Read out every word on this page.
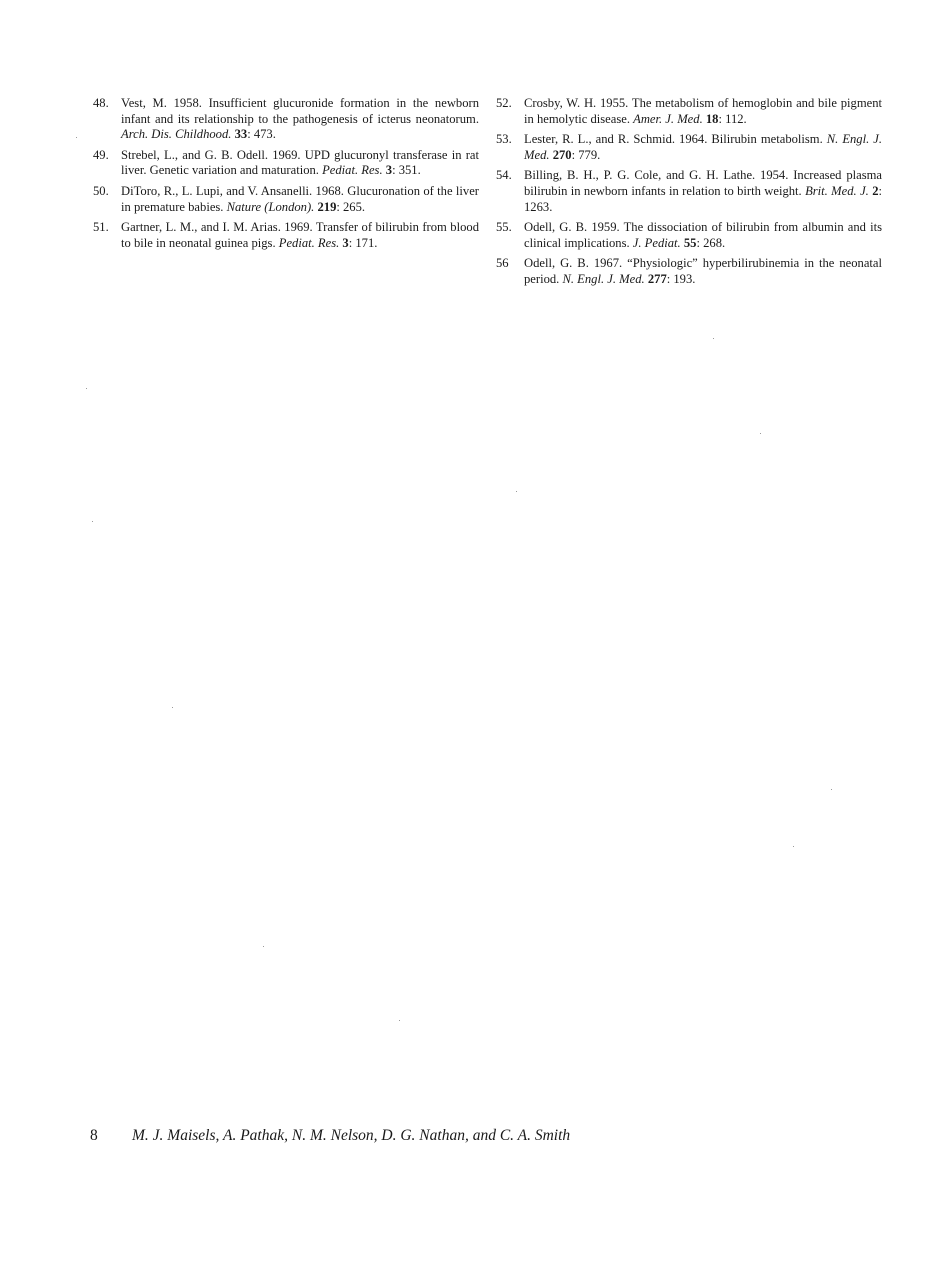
48. Vest, M. 1958. Insufficient glucuronide formation in the newborn infant and its relationship to the pathogenesis of icterus neonatorum. Arch. Dis. Childhood. 33: 473.
49. Strebel, L., and G. B. Odell. 1969. UPD glucuronyl transferase in rat liver. Genetic variation and maturation. Pediat. Res. 3: 351.
50. DiToro, R., L. Lupi, and V. Ansanelli. 1968. Glucuronation of the liver in premature babies. Nature (London). 219: 265.
51. Gartner, L. M., and I. M. Arias. 1969. Transfer of bilirubin from blood to bile in neonatal guinea pigs. Pediat. Res. 3: 171.
52. Crosby, W. H. 1955. The metabolism of hemoglobin and bile pigment in hemolytic disease. Amer. J. Med. 18: 112.
53. Lester, R. L., and R. Schmid. 1964. Bilirubin metabolism. N. Engl. J. Med. 270: 779.
54. Billing, B. H., P. G. Cole, and G. H. Lathe. 1954. Increased plasma bilirubin in newborn infants in relation to birth weight. Brit. Med. J. 2: 1263.
55. Odell, G. B. 1959. The dissociation of bilirubin from albumin and its clinical implications. J. Pediat. 55: 268.
56 Odell, G. B. 1967. “Physiologic” hyperbilirubinemia in the neonatal period. N. Engl. J. Med. 277: 193.
8 M. J. Maisels, A. Pathak, N. M. Nelson, D. G. Nathan, and C. A. Smith
